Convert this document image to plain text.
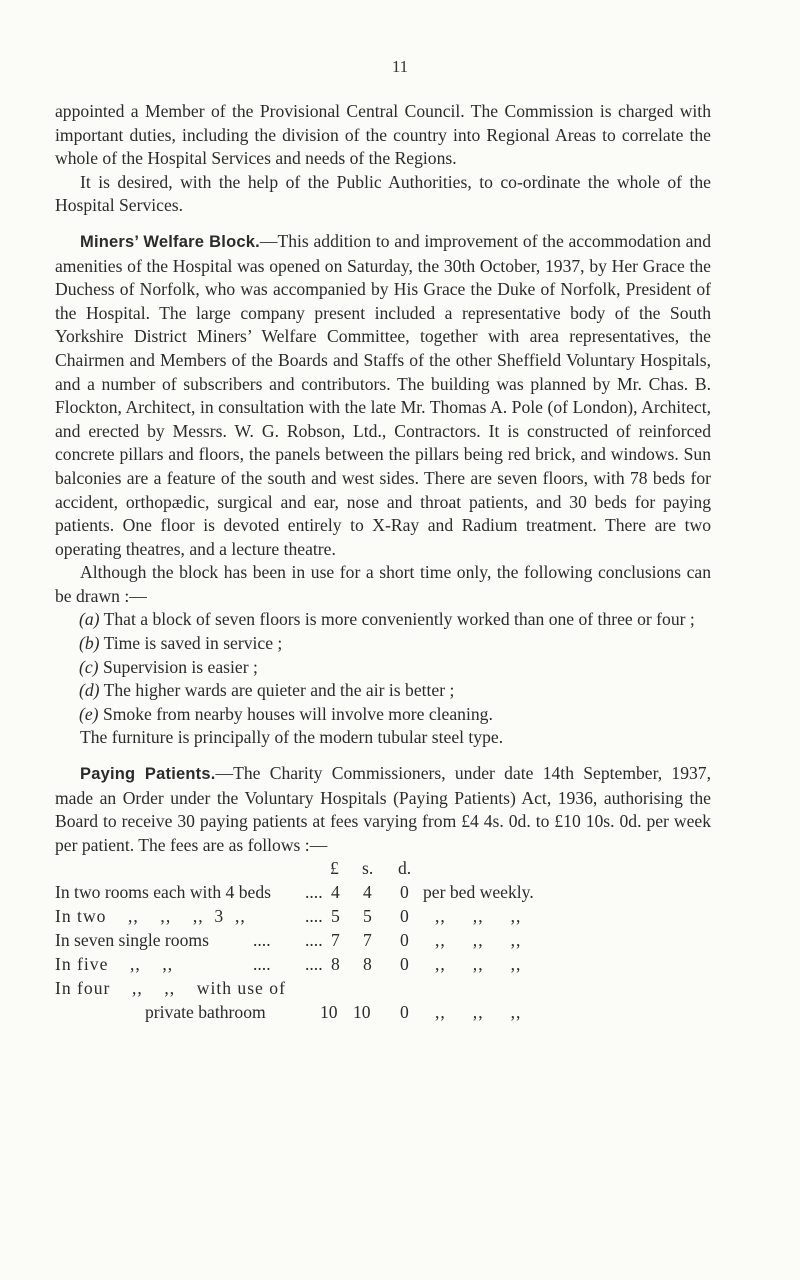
11

appointed a Member of the Provisional Central Council. The Commission is charged with important duties, including the division of the country into Regional Areas to correlate the whole of the Hospital Services and needs of the Regions.

It is desired, with the help of the Public Authorities, to co-ordinate the whole of the Hospital Services.

Miners’ Welfare Block.—This addition to and improvement of the accommodation and amenities of the Hospital was opened on Saturday, the 30th October, 1937, by Her Grace the Duchess of Norfolk, who was accompanied by His Grace the Duke of Norfolk, President of the Hospital. The large company present included a representative body of the South Yorkshire District Miners’ Welfare Committee, together with area representatives, the Chairmen and Members of the Boards and Staffs of the other Sheffield Voluntary Hospitals, and a number of subscribers and contributors. The building was planned by Mr. Chas. B. Flockton, Architect, in consultation with the late Mr. Thomas A. Pole (of London), Architect, and erected by Messrs. W. G. Robson, Ltd., Contractors. It is constructed of reinforced concrete pillars and floors, the panels between the pillars being red brick, and windows. Sun balconies are a feature of the south and west sides. There are seven floors, with 78 beds for accident, orthopædic, surgical and ear, nose and throat patients, and 30 beds for paying patients. One floor is devoted entirely to X-Ray and Radium treatment. There are two operating theatres, and a lecture theatre.

Although the block has been in use for a short time only, the following conclusions can be drawn :—

(a) That a block of seven floors is more conveniently worked than one of three or four ;
(b) Time is saved in service ;
(c) Supervision is easier ;
(d) The higher wards are quieter and the air is better ;
(e) Smoke from nearby houses will involve more cleaning.

The furniture is principally of the modern tubular steel type.

Paying Patients.—The Charity Commissioners, under date 14th September, 1937, made an Order under the Voluntary Hospitals (Paying Patients) Act, 1936, authorising the Board to receive 30 paying patients at fees varying from £4 4s. 0d. to £10 10s. 0d. per week per patient. The fees are as follows :—

£ s. d.
In two rooms each with 4 beds .... 4 4 0 per bed weekly.
In two    ,,    ,,    ,,  3  ,,	.... 5 5 0 ,,     ,,     ,,
In seven single rooms	.... .... 7 7 0 ,,     ,,     ,,
In five    ,,    ,,	.... .... 8 8 0 ,,     ,,     ,,
In four    ,,    ,,    with use of
private bathroom	10 10 0 ,,     ,,     ,,
